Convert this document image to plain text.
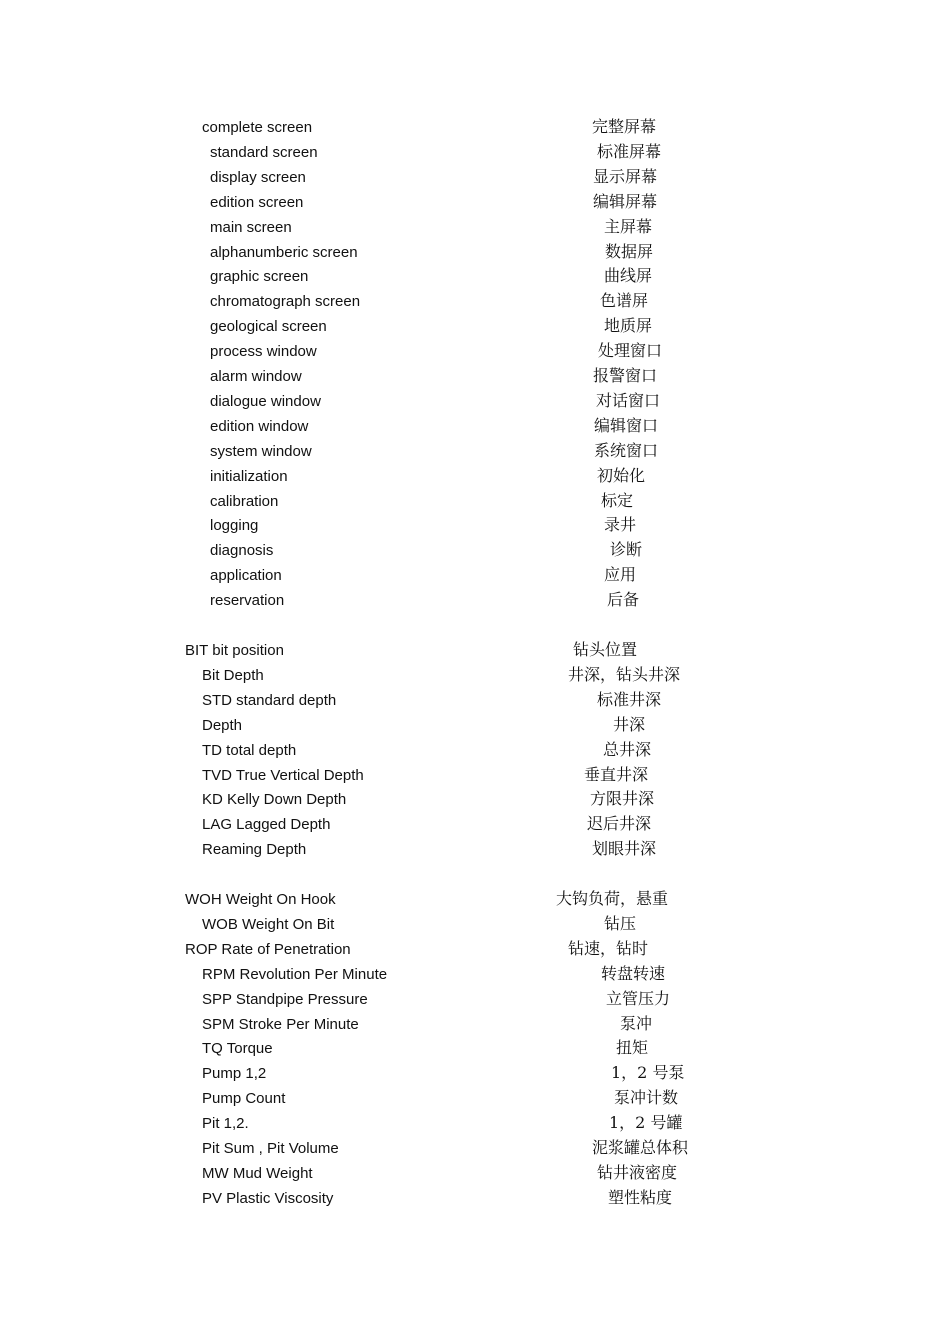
complete screen	完整屏幕
standard screen	标准屏幕
display screen	显示屏幕
edition screen	编辑屏幕
main screen	主屏幕
alphanumberic screen	数据屏
graphic screen	曲线屏
chromatograph screen	色谱屏
geological screen	地质屏
process window	处理窗口
alarm window	报警窗口
dialogue window	对话窗口
edition window	编辑窗口
system window	系统窗口
initialization	初始化
calibration	标定
logging	录井
diagnosis	诊断
application	应用
reservation	后备
BIT bit position	钻头位置
Bit Depth	井深，钻头井深
STD standard depth	标准井深
Depth	井深
TD total depth	总井深
TVD True Vertical Depth	垂直井深
KD Kelly Down Depth	方限井深
LAG Lagged Depth	迟后井深
Reaming Depth	划眼井深
WOH Weight On Hook	大钩负荷，悬重
WOB Weight On Bit	钻压
ROP Rate of Penetration	钻速，钻时
RPM Revolution Per Minute	转盘转速
SPP Standpipe Pressure	立管压力
SPM Stroke Per Minute	泵冲
TQ Torque	扭矩
Pump 1,2	1，2 号泵
Pump Count	泵冲计数
Pit 1,2.	1，2 号罐
Pit Sum , Pit Volume	泥浆罐总体积
MW Mud Weight	钻井液密度
PV Plastic Viscosity	塑性粘度
